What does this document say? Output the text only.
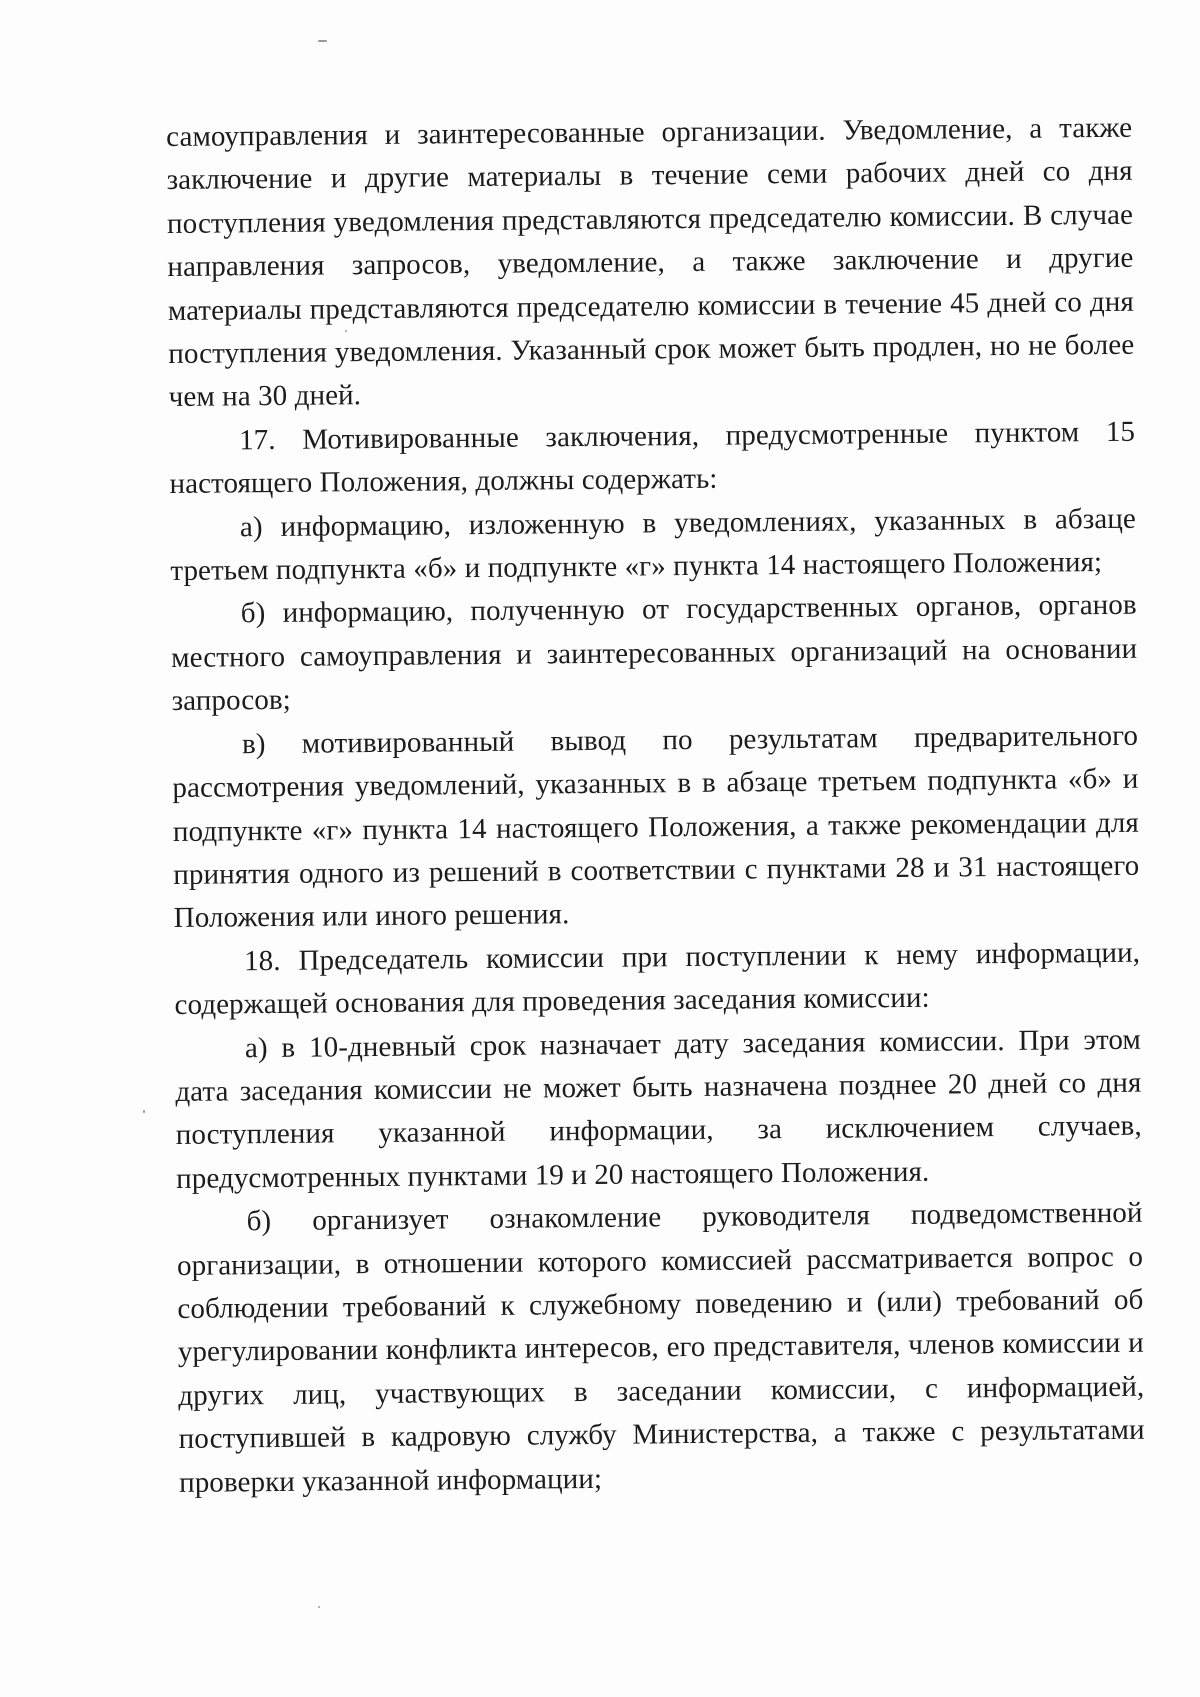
самоуправления и заинтересованные организации. Уведомление, а также заключение и другие материалы в течение семи рабочих дней со дня поступления уведомления представляются председателю комиссии. В случае направления запросов, уведомление, а также заключение и другие материалы представляются председателю комиссии в течение 45 дней со дня поступления уведомления. Указанный срок может быть продлен, но не более чем на 30 дней.

17. Мотивированные заключения, предусмотренные пунктом 15 настоящего Положения, должны содержать:

а) информацию, изложенную в уведомлениях, указанных в абзаце третьем подпункта «б» и подпункте «г» пункта 14 настоящего Положения;

б) информацию, полученную от государственных органов, органов местного самоуправления и заинтересованных организаций на основании запросов;

в) мотивированный вывод по результатам предварительного рассмотрения уведомлений, указанных в в абзаце третьем подпункта «б» и подпункте «г» пункта 14 настоящего Положения, а также рекомендации для принятия одного из решений в соответствии с пунктами 28 и 31 настоящего Положения или иного решения.

18. Председатель комиссии при поступлении к нему информации, содержащей основания для проведения заседания комиссии:

а) в 10-дневный срок назначает дату заседания комиссии. При этом дата заседания комиссии не может быть назначена позднее 20 дней со дня поступления указанной информации, за исключением случаев, предусмотренных пунктами 19 и 20 настоящего Положения.

б) организует ознакомление руководителя подведомственной организации, в отношении которого комиссией рассматривается вопрос о соблюдении требований к служебному поведению и (или) требований об урегулировании конфликта интересов, его представителя, членов комиссии и других лиц, участвующих в заседании комиссии, с информацией, поступившей в кадровую службу Министерства, а также с результатами проверки указанной информации;
